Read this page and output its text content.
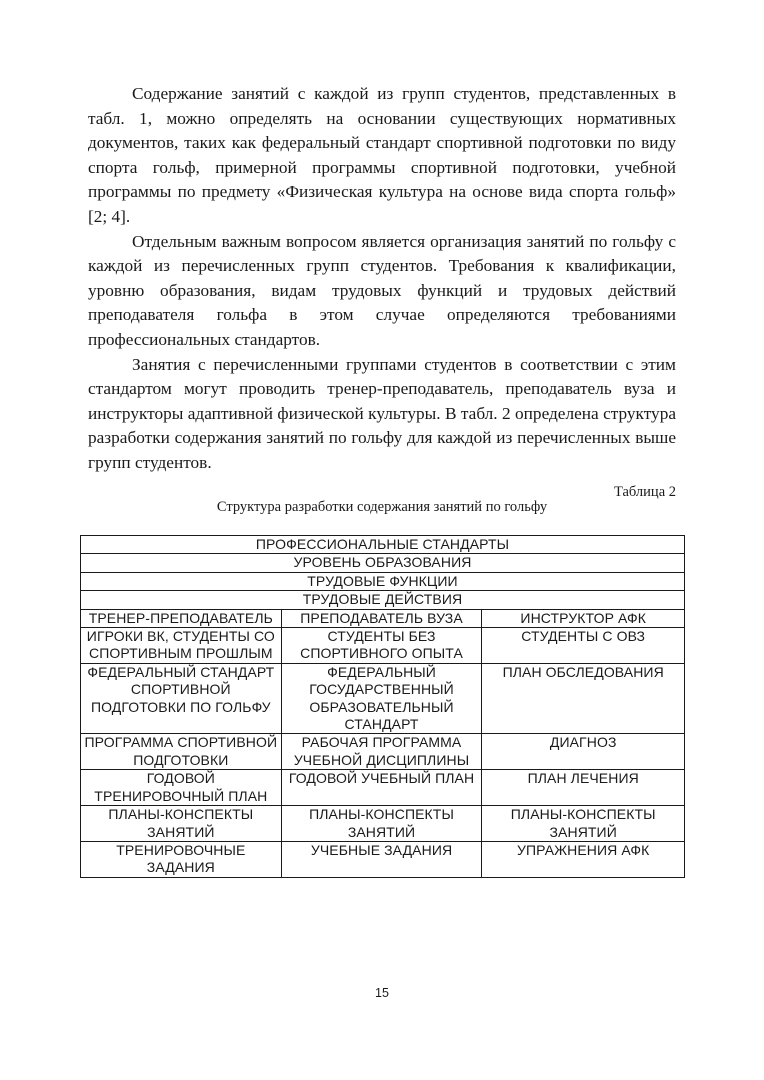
Содержание занятий с каждой из групп студентов, представленных в табл. 1, можно определять на основании существующих нормативных документов, таких как федеральный стандарт спортивной подготовки по виду спорта гольф, примерной программы спортивной подготовки, учебной программы по предмету «Физическая культура на основе вида спорта гольф» [2; 4].

Отдельным важным вопросом является организация занятий по гольфу с каждой из перечисленных групп студентов. Требования к квалификации, уровню образования, видам трудовых функций и трудовых действий преподавателя гольфа в этом случае определяются требованиями профессиональных стандартов.

Занятия с перечисленными группами студентов в соответствии с этим стандартом могут проводить тренер-преподаватель, преподаватель вуза и инструкторы адаптивной физической культуры. В табл. 2 определена структура разработки содержания занятий по гольфу для каждой из перечисленных выше групп студентов.

Таблица 2
Структура разработки содержания занятий по гольфу
ПРОФЕССИОНАЛЬНЫЕ СТАНДАРТЫ		
УРОВЕНЬ ОБРАЗОВАНИЯ		
ТРУДОВЫЕ ФУНКЦИИ		
ТРУДОВЫЕ ДЕЙСТВИЯ		
ТРЕНЕР-ПРЕПОДАВАТЕЛЬ	ПРЕПОДАВАТЕЛЬ ВУЗА	ИНСТРУКТОР АФК
ИГРОКИ ВК, СТУДЕНТЫ СО СПОРТИВНЫМ ПРОШЛЫМ	СТУДЕНТЫ БЕЗ СПОРТИВНОГО ОПЫТА	СТУДЕНТЫ С ОВЗ
ФЕДЕРАЛЬНЫЙ СТАНДАРТ СПОРТИВНОЙ ПОДГОТОВКИ ПО ГОЛЬФУ	ФЕДЕРАЛЬНЫЙ ГОСУДАРСТВЕННЫЙ ОБРАЗОВАТЕЛЬНЫЙ СТАНДАРТ	ПЛАН ОБСЛЕДОВАНИЯ
ПРОГРАММА СПОРТИВНОЙ ПОДГОТОВКИ	РАБОЧАЯ ПРОГРАММА УЧЕБНОЙ ДИСЦИПЛИНЫ	ДИАГНОЗ
ГОДОВОЙ ТРЕНИРОВОЧНЫЙ ПЛАН	ГОДОВОЙ УЧЕБНЫЙ ПЛАН	ПЛАН ЛЕЧЕНИЯ
ПЛАНЫ-КОНСПЕКТЫ ЗАНЯТИЙ	ПЛАНЫ-КОНСПЕКТЫ ЗАНЯТИЙ	ПЛАНЫ-КОНСПЕКТЫ ЗАНЯТИЙ
ТРЕНИРОВОЧНЫЕ ЗАДАНИЯ	УЧЕБНЫЕ ЗАДАНИЯ	УПРАЖНЕНИЯ АФК
15
